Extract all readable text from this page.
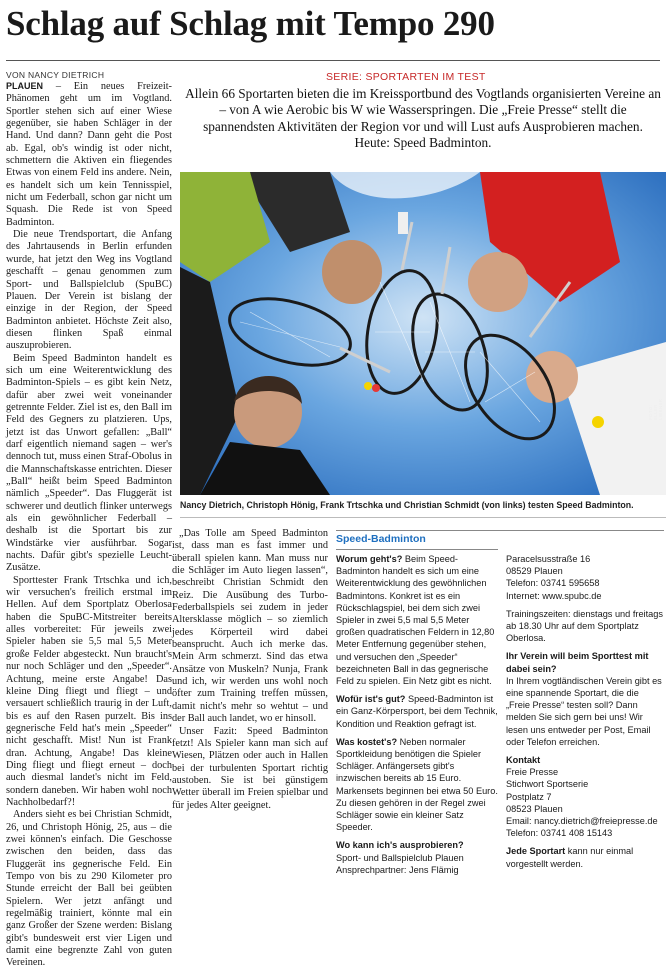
Schlag auf Schlag mit Tempo 290
VON NANCY DIETRICH	SERIE: SPORTARTEN IM TEST
Allein 66 Sportarten bieten die im Kreissportbund des Vogtlands organisierten Vereine an – von A wie Aerobic bis W wie Wasserspringen. Die „Freie Presse“ stellt die spannendsten Aktivitäten der Region vor und will Lust aufs Ausprobieren machen. Heute: Speed Badminton.

PLAUEN – Ein neues Freizeit-Phänomen geht um im Vogtland. Sportler stehen sich auf einer Wiese gegenüber, sie haben Schläger in der Hand. Und dann? Dann geht die Post ab. Egal, ob's windig ist oder nicht, schmettern die Aktiven ein fliegendes Etwas von einem Feld ins andere. Nein, es handelt sich um kein Tennisspiel, nicht um Federball, schon gar nicht um Squash. Die Rede ist von Speed Badminton.

Die neue Trendsportart, die Anfang des Jahrtausends in Berlin erfunden wurde, hat jetzt den Weg ins Vogtland geschafft – genau genommen zum Sport- und Ballspielclub (SpuBC) Plauen. Der Verein ist bislang der einzige in der Region, der Speed Badminton anbietet. Höchste Zeit also, diesen flinken Spaß einmal auszuprobieren.

Beim Speed Badminton handelt es sich um eine Weiterentwicklung des Badminton-Spiels – es gibt kein Netz, dafür aber zwei weit voneinander getrennte Felder. Ziel ist es, den Ball im Feld des Gegners zu platzieren. Ups, jetzt ist das Unwort gefallen: „Ball“ darf eigentlich niemand sagen – wer's dennoch tut, muss einen Straf-Obolus in die Mannschaftskasse entrichten. Dieser „Ball“ heißt beim Speed Badminton nämlich „Speeder“. Das Fluggerät ist schwerer und deutlich flinker unterwegs als ein gewöhnlicher Federball – deshalb ist die Sportart bis zur Windstärke vier ausführbar. Sogar nachts. Dafür gibt's spezielle Leucht-Zusätze.

Sporttester Frank Trtschka und ich, wir versuchen's freilich erstmal im Hellen. Auf dem Sportplatz Oberlosa haben die SpuBC-Mitstreiter bereits alles vorbereitet: Für jeweils zwei Spieler haben sie 5,5 mal 5,5 Meter große Felder abgesteckt. Nun braucht's nur noch Schläger und den „Speeder“. Achtung, meine erste Angabe! Das kleine Ding fliegt und fliegt – und versauert schließlich traurig in der Luft, bis es auf den Rasen purzelt. Bis ins gegnerische Feld hat's mein „Speeder“ nicht geschafft. Mist! Nun ist Frank dran. Achtung, Angabe! Das kleine Ding fliegt und fliegt erneut – doch auch diesmal landet's nicht im Feld, sondern daneben. Wir haben wohl noch Nachholbedarf?!

Anders sieht es bei Christian Schmidt, 26, und Christoph Hönig, 25, aus – die zwei können's einfach. Die Geschosse zwischen den beiden, dass das Fluggerät ins gegnerische Feld. Ein Tempo von bis zu 290 Kilometer pro Stunde erreicht der Ball bei geübten Spielern. Wer jetzt anfängt und regelmäßig trainiert, könnte mal ein ganz Großer der Szene werden: Bislang gibt's bundesweit erst vier Ligen und damit eine begrenzte Zahl von guten Vereinen.

FOTO: ELLEN LIEBNER
Nancy Dietrich, Christoph Hönig, Frank Trtschka und Christian Schmidt (von links) testen Speed Badminton.

„Das Tolle am Speed Badminton ist, dass man es fast immer und überall spielen kann. Man muss nur die Schläger im Auto liegen lassen“, beschreibt Christian Schmidt den Reiz. Die Ausübung des Turbo-Federballspiels sei zudem in jeder Altersklasse möglich – so ziemlich jedes Körperteil wird dabei beansprucht. Auch ich merke das. Mein Arm schmerzt. Sind das etwa Ansätze von Muskeln? Nunja, Frank und ich, wir werden uns wohl noch öfter zum Training treffen müssen, damit nicht's mehr so wehtut – und der Ball auch landet, wo er hinsoll.

Unser Fazit: Speed Badminton fetzt! Als Spieler kann man sich auf Wiesen, Plätzen oder auch in Hallen bei der turbulenten Sportart richtig austoben. Sie ist bei günstigem Wetter überall im Freien spielbar und für jedes Alter geeignet.

Speed-Badminton

Worum geht's? Beim Speed-Badminton handelt es sich um eine Weiterentwicklung des gewöhnlichen Badmintons. Konkret ist es ein Rückschlagspiel, bei dem sich zwei Spieler in zwei 5,5 mal 5,5 Meter großen quadratischen Feldern in 12,80 Meter Entfernung gegenüber stehen, und versuchen den „Speeder“ bezeichneten Ball in das gegnerische Feld zu spielen. Ein Netz gibt es nicht.

Wofür ist's gut? Speed-Badminton ist ein Ganz-Körpersport, bei dem Technik, Kondition und Reaktion gefragt ist.

Was kostet's? Neben normaler Sportkleidung benötigen die Spieler Schläger. Anfängersets gibt's inzwischen bereits ab 15 Euro. Markensets beginnen bei etwa 50 Euro. Zu diesen gehören in der Regel zwei Schläger sowie ein kleiner Satz Speeder.

Wo kann ich's ausprobieren?
Sport- und Ballspielclub Plauen Ansprechpartner: Jens Flämig

Paracelsusstraße 16
08529 Plauen
Telefon: 03741 595658
Internet: www.spubc.de

Trainingszeiten: dienstags und freitags ab 18.30 Uhr auf dem Sportplatz Oberlosa.

Ihr Verein will beim Sporttest mit dabei sein?
In Ihrem vogtländischen Verein gibt es eine spannende Sportart, die die „Freie Presse“ testen soll? Dann melden Sie sich gern bei uns! Wir lesen uns entweder per Post, Email oder Telefon erreichen.

Kontakt
Freie Presse
Stichwort Sportserie
Postplatz 7
08523 Plauen
Email: nancy.dietrich@freiepresse.de
Telefon: 03741 408 15143

Jede Sportart kann nur einmal vorgestellt werden.
